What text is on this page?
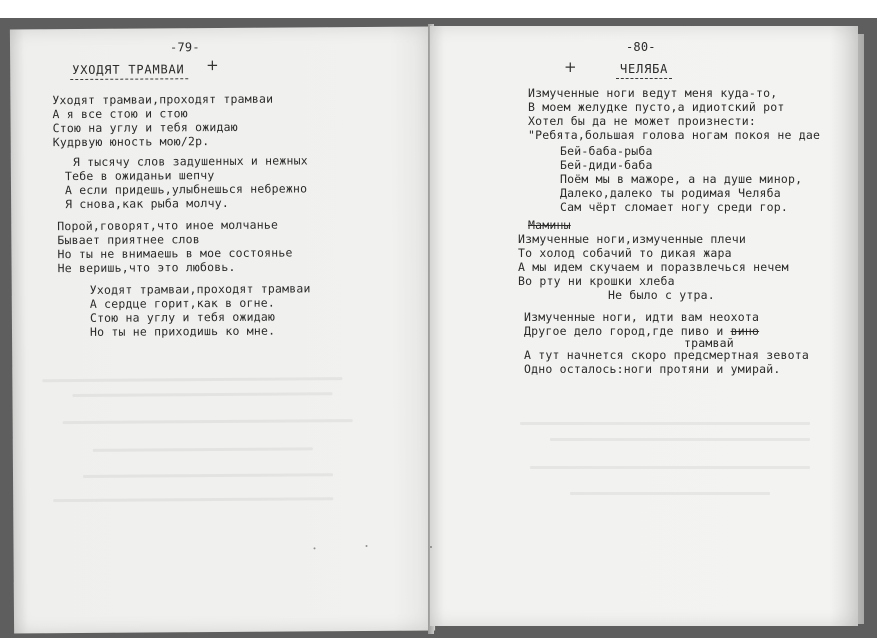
-79-
УХОДЯТ ТРАМВАИ +
Уходят трамваи,проходят трамваи
А я все стою и стою
Стою на углу и тебя ожидаю
Кудрвую юность мою/2р.
Я тысячу слов задушенных и нежных
Тебе в ожиданьи шепчу
А если придешь,улыбнешься небрежно
Я снова,как рыба молчу.
Порой,говорят,что иное молчанье
Бывает приятнее слов
Но ты не внимаешь в мое состоянье
Не веришь,что это любовь.
Уходят трамваи,проходят трамваи
А сердце горит,как в огне.
Стою на углу и тебя ожидаю
Но ты не приходишь ко мне.
-80-
+	ЧЕЛЯБА
Измученные ноги ведут меня куда-то,
В моем желудке пусто,а идиотский рот
Хотел бы да не может произнести:
"Ребята,большая голова ногам покоя не дае
Бей-баба-рыба
Бей-диди-баба
Поём мы в мажоре, а на душе минор,
Далеко,далеко ты родимая Челяба
Сам чёрт сломает ногу среди гор.
Мамины
Измученные ноги,измученные плечи
То холод собачий то дикая жара
А мы идем скучаем и поразвлечься нечем
Во рту ни крошки хлеба
Не было с утра.
Измученные ноги, идти вам неохота
Другое дело город,где пиво и вино
трамвай
А тут начнется скоро предсмертная зевота
Одно осталось:ноги протяни и умирай.
